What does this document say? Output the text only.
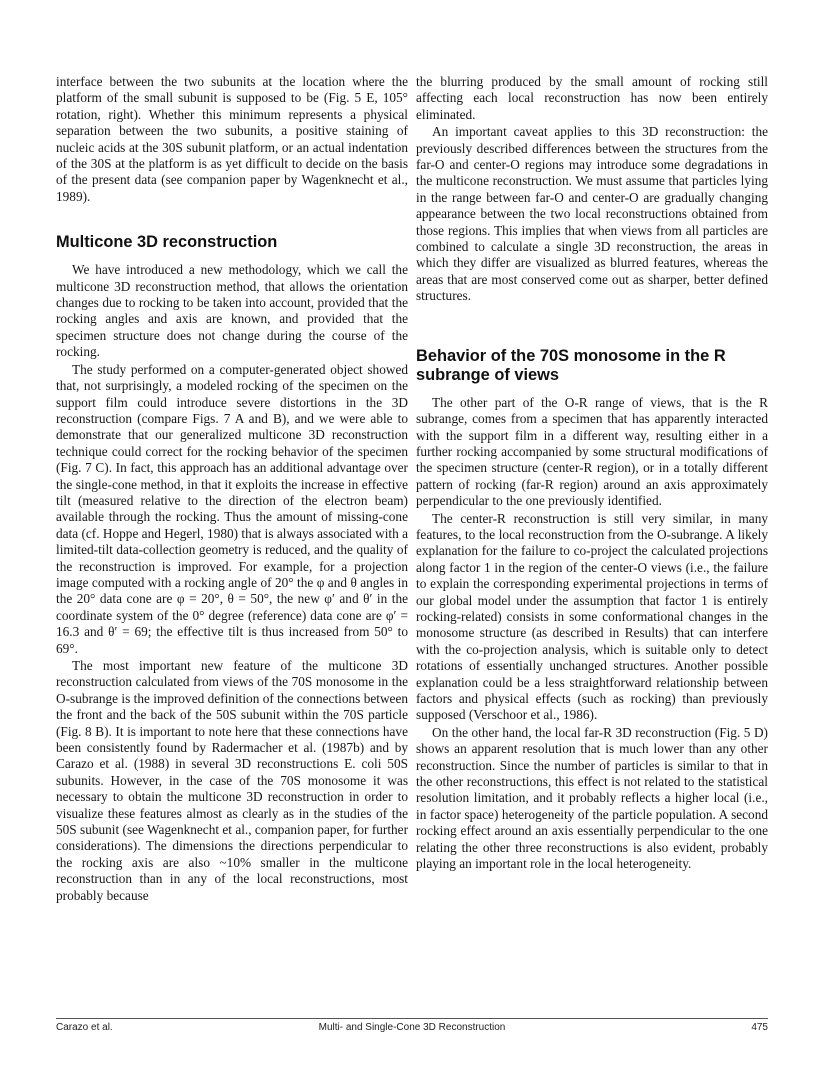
interface between the two subunits at the location where the platform of the small subunit is supposed to be (Fig. 5 E, 105° rotation, right). Whether this minimum represents a physical separation between the two subunits, a positive staining of nucleic acids at the 30S subunit platform, or an actual indentation of the 30S at the platform is as yet difficult to decide on the basis of the present data (see companion paper by Wagenknecht et al., 1989).

Multicone 3D reconstruction

We have introduced a new methodology, which we call the multicone 3D reconstruction method, that allows the orientation changes due to rocking to be taken into account, provided that the rocking angles and axis are known, and provided that the specimen structure does not change during the course of the rocking.

The study performed on a computer-generated object showed that, not surprisingly, a modeled rocking of the specimen on the support film could introduce severe distortions in the 3D reconstruction (compare Figs. 7 A and B), and we were able to demonstrate that our generalized multicone 3D reconstruction technique could correct for the rocking behavior of the specimen (Fig. 7 C). In fact, this approach has an additional advantage over the single-cone method, in that it exploits the increase in effective tilt (measured relative to the direction of the electron beam) available through the rocking. Thus the amount of missing-cone data (cf. Hoppe and Hegerl, 1980) that is always associated with a limited-tilt data-collection geometry is reduced, and the quality of the reconstruction is improved. For example, for a projection image computed with a rocking angle of 20° the φ and θ angles in the 20° data cone are φ = 20°, θ = 50°, the new φ′ and θ′ in the coordinate system of the 0° degree (reference) data cone are φ′ = 16.3 and θ′ = 69; the effective tilt is thus increased from 50° to 69°.

The most important new feature of the multicone 3D reconstruction calculated from views of the 70S monosome in the O-subrange is the improved definition of the connections between the front and the back of the 50S subunit within the 70S particle (Fig. 8 B). It is important to note here that these connections have been consistently found by Radermacher et al. (1987b) and by Carazo et al. (1988) in several 3D reconstructions E. coli 50S subunits. However, in the case of the 70S monosome it was necessary to obtain the multicone 3D reconstruction in order to visualize these features almost as clearly as in the studies of the 50S subunit (see Wagenknecht et al., companion paper, for further considerations). The dimensions the directions perpendicular to the rocking axis are also ~10% smaller in the multicone reconstruction than in any of the local reconstructions, most probably because

the blurring produced by the small amount of rocking still affecting each local reconstruction has now been entirely eliminated.

An important caveat applies to this 3D reconstruction: the previously described differences between the structures from the far-O and center-O regions may introduce some degradations in the multicone reconstruction. We must assume that particles lying in the range between far-O and center-O are gradually changing appearance between the two local reconstructions obtained from those regions. This implies that when views from all particles are combined to calculate a single 3D reconstruction, the areas in which they differ are visualized as blurred features, whereas the areas that are most conserved come out as sharper, better defined structures.

Behavior of the 70S monosome in the R subrange of views

The other part of the O-R range of views, that is the R subrange, comes from a specimen that has apparently interacted with the support film in a different way, resulting either in a further rocking accompanied by some structural modifications of the specimen structure (center-R region), or in a totally different pattern of rocking (far-R region) around an axis approximately perpendicular to the one previously identified.

The center-R reconstruction is still very similar, in many features, to the local reconstruction from the O-subrange. A likely explanation for the failure to co-project the calculated projections along factor 1 in the region of the center-O views (i.e., the failure to explain the corresponding experimental projections in terms of our global model under the assumption that factor 1 is entirely rocking-related) consists in some conformational changes in the monosome structure (as described in Results) that can interfere with the co-projection analysis, which is suitable only to detect rotations of essentially unchanged structures. Another possible explanation could be a less straightforward relationship between factors and physical effects (such as rocking) than previously supposed (Verschoor et al., 1986).

On the other hand, the local far-R 3D reconstruction (Fig. 5 D) shows an apparent resolution that is much lower than any other reconstruction. Since the number of particles is similar to that in the other reconstructions, this effect is not related to the statistical resolution limitation, and it probably reflects a higher local (i.e., in factor space) heterogeneity of the particle population. A second rocking effect around an axis essentially perpendicular to the one relating the other three reconstructions is also evident, probably playing an important role in the local heterogeneity.

Carazo et al.	Multi- and Single-Cone 3D Reconstruction	475
